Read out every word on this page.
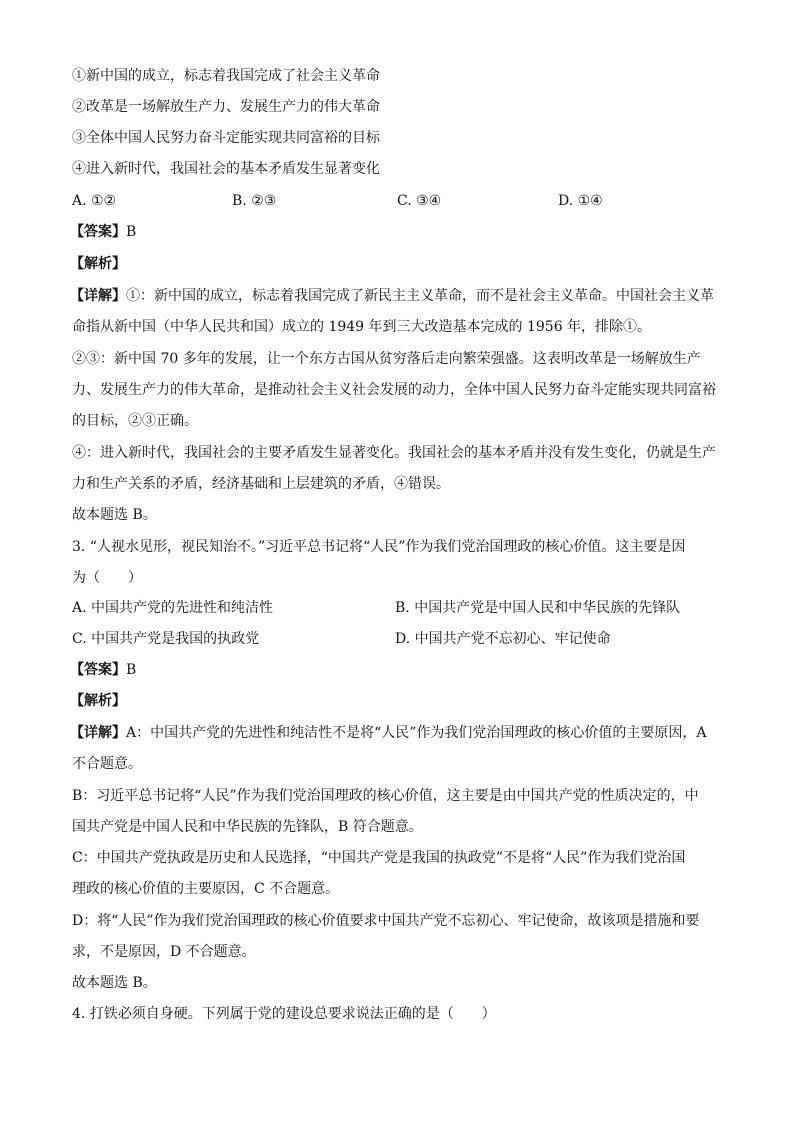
①新中国的成立，标志着我国完成了社会主义革命
②改革是一场解放生产力、发展生产力的伟大革命
③全体中国人民努力奋斗定能实现共同富裕的目标
④进入新时代，我国社会的基本矛盾发生显著变化
A. ①②	B. ②③	C. ③④	D. ①④
【答案】B
【解析】
【详解】①：新中国的成立，标志着我国完成了新民主主义革命，而不是社会主义革命。中国社会主义革
命指从新中国（中华人民共和国）成立的 1949 年到三大改造基本完成的 1956 年，排除①。
②③：新中国 70 多年的发展，让一个东方古国从贫穷落后走向繁荣强盛。这表明改革是一场解放生产
力、发展生产力的伟大革命，是推动社会主义社会发展的动力，全体中国人民努力奋斗定能实现共同富裕
的目标，②③正确。
④：进入新时代，我国社会的主要矛盾发生显著变化。我国社会的基本矛盾并没有发生变化，仍就是生产
力和生产关系的矛盾，经济基础和上层建筑的矛盾，④错误。
故本题选 B。
3. “人视水见形，视民知治不。”习近平总书记将“人民”作为我们党治国理政的核心价值。这主要是因
为（　　）
A. 中国共产党的先进性和纯洁性	B. 中国共产党是中国人民和中华民族的先锋队
C. 中国共产党是我国的执政党	D. 中国共产党不忘初心、牢记使命
【答案】B
【解析】
【详解】A：中国共产党的先进性和纯洁性不是将“人民”作为我们党治国理政的核心价值的主要原因，A
不合题意。
B：习近平总书记将“人民”作为我们党治国理政的核心价值，这主要是由中国共产党的性质决定的，中
国共产党是中国人民和中华民族的先锋队，B 符合题意。
C：中国共产党执政是历史和人民选择，“中国共产党是我国的执政党”不是将“人民”作为我们党治国
理政的核心价值的主要原因，C 不合题意。
D：将“人民”作为我们党治国理政的核心价值要求中国共产党不忘初心、牢记使命，故该项是措施和要
求，不是原因，D 不合题意。
故本题选 B。
4. 打铁必须自身硬。下列属于党的建设总要求说法正确的是（　　）
